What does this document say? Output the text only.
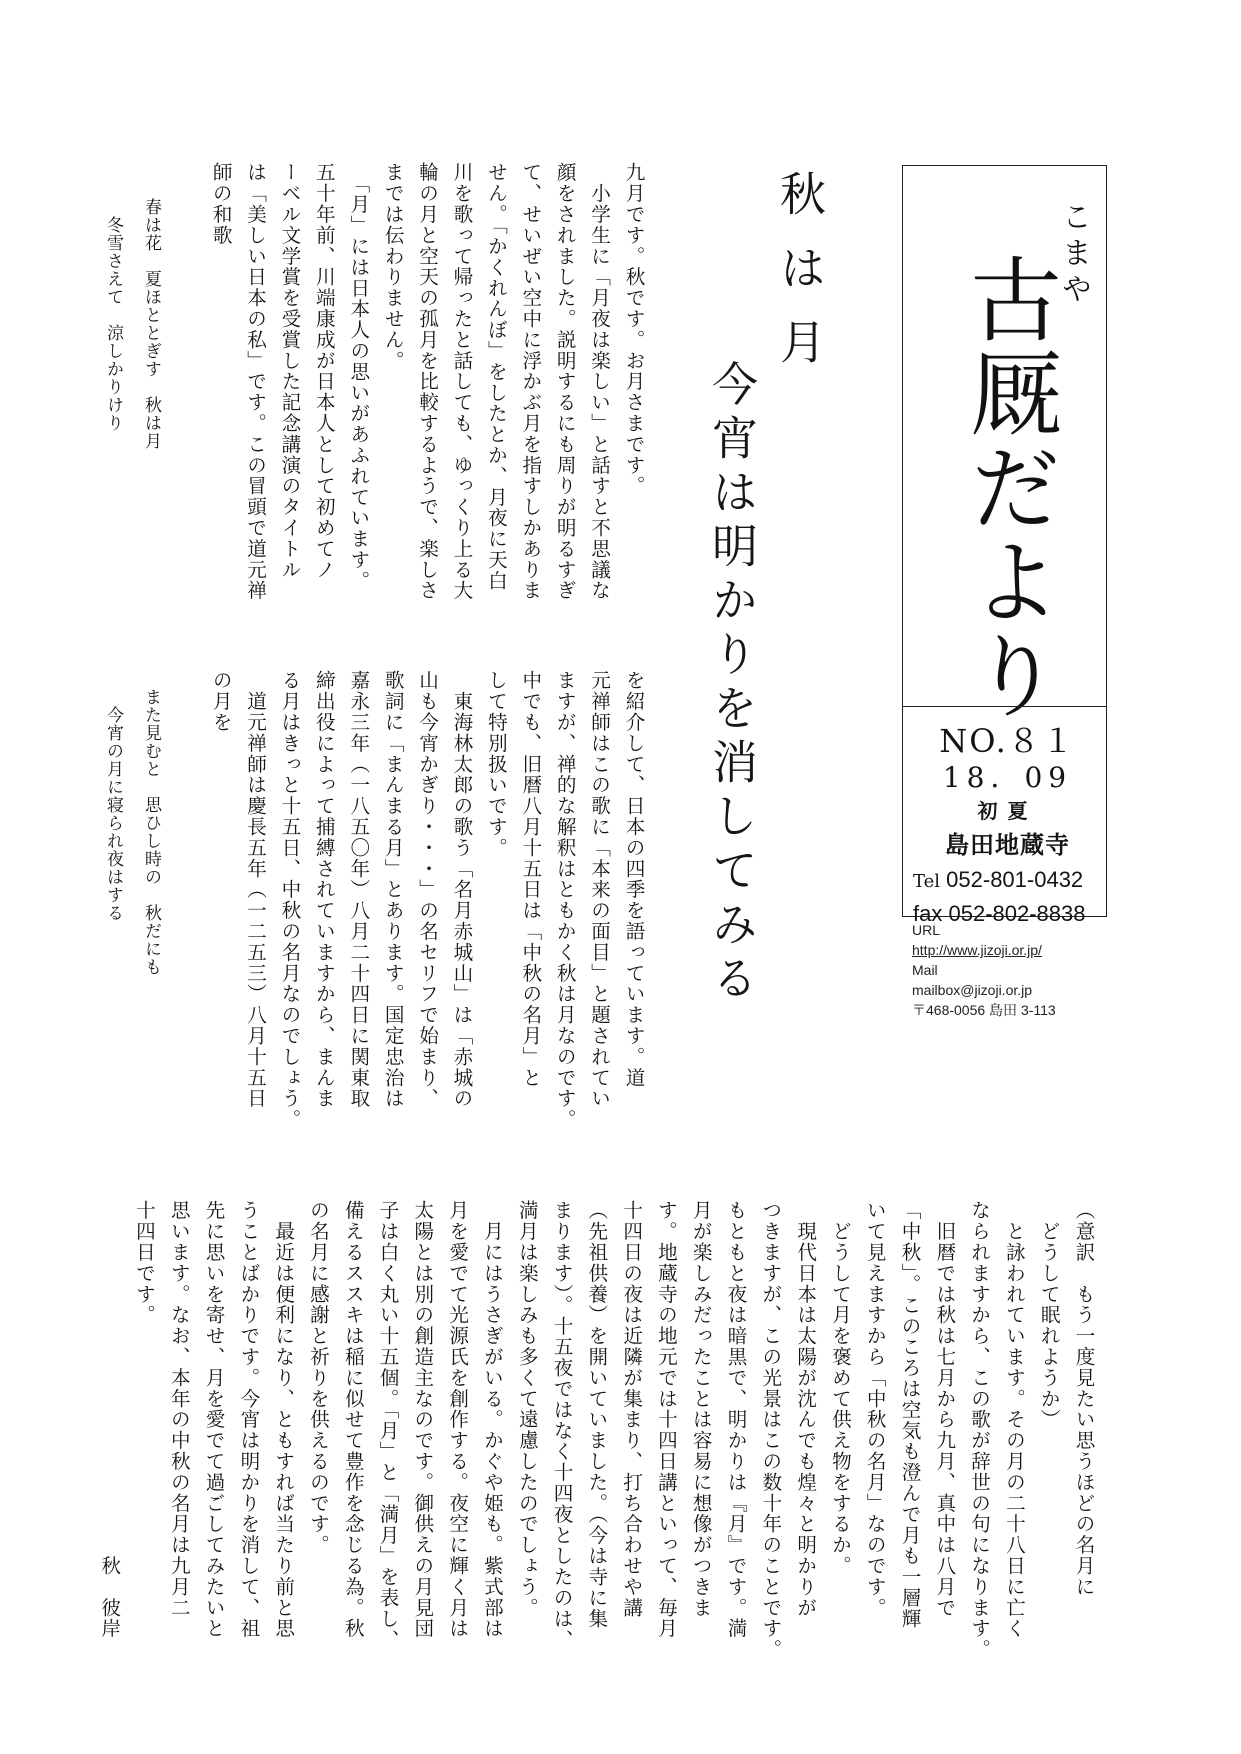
こまや
古厩だより
NO.８１
18．09
初夏
島田地蔵寺
Tel 052-801-0432
fax 052-802-8838
URL
http://www.jizoji.or.jp/
Mail
mailbox@jizoji.or.jp
〒468-0056 島田 3-113
秋は月
今宵は明かりを消してみる
九月です。秋です。お月さまです。
　小学生に「月夜は楽しい」と話すと不思議な
顔をされました。説明するにも周りが明るすぎ
て、せいぜい空中に浮かぶ月を指すしかありま
せん。「かくれんぼ」をしたとか、月夜に天白
川を歌って帰ったと話しても、ゆっくり上る大
輪の月と空天の孤月を比較するようで、楽しさ
までは伝わりません。
　「月」には日本人の思いがあふれています。
五十年前、川端康成が日本人として初めてノ
ーベル文学賞を受賞した記念講演のタイトル
は「美しい日本の私」です。この冒頭で道元禅
師の和歌
　春は花　夏ほととぎす　秋は月
　　冬雪さえて　涼しかりけり
を紹介して、日本の四季を語っています。道
元禅師はこの歌に「本来の面目」と題されてい
ますが、禅的な解釈はともかく秋は月なのです。
中でも、旧暦八月十五日は「中秋の名月」と
して特別扱いです。
　東海林太郎の歌う「名月赤城山」は「赤城の
山も今宵かぎり・・・」の名セリフで始まり、
歌詞に「まんまる月」とあります。国定忠治は
嘉永三年（一八五〇年）八月二十四日に関東取
締出役によって捕縛されていますから、まんま
る月はきっと十五日、中秋の名月なのでしょう。
　道元禅師は慶長五年（一二五三）八月十五日
の月を
　また見むと　思ひし時の　秋だにも
　　今宵の月に寝られ夜はする
（意訳　もう一度見たい思うほどの名月に
　どうして眠れようか）
　と詠われています。その月の二十八日に亡く
なられますから、この歌が辞世の句になります。
　旧暦では秋は七月から九月、真中は八月で
「中秋」。このころは空気も澄んで月も一層輝
いて見えますから「中秋の名月」なのです。
　どうして月を褒めて供え物をするか。
　現代日本は太陽が沈んでも煌々と明かりが
つきますが、この光景はこの数十年のことです。
もともと夜は暗黒で、明かりは『月』です。満
月が楽しみだったことは容易に想像がつきま
す。地蔵寺の地元では十四日講といって、毎月
十四日の夜は近隣が集まり、打ち合わせや講
（先祖供養）を開いていました。（今は寺に集
まります）。十五夜ではなく十四夜としたのは、
満月は楽しみも多くて遠慮したのでしょう。
　月にはうさぎがいる。かぐや姫も。紫式部は
月を愛でて光源氏を創作する。夜空に輝く月は
太陽とは別の創造主なのです。御供えの月見団
子は白く丸い十五個。「月」と「満月」を表し、
備えるススキは稲に似せて豊作を念じる為。秋
の名月に感謝と祈りを供えるのです。
　最近は便利になり、ともすれば当たり前と思
うことばかりです。今宵は明かりを消して、祖
先に思いを寄せ、月を愛でて過ごしてみたいと
思います。なお、本年の中秋の名月は九月二
十四日です。
　　　　　　　　　　　　　　　　　秋　彼岸
